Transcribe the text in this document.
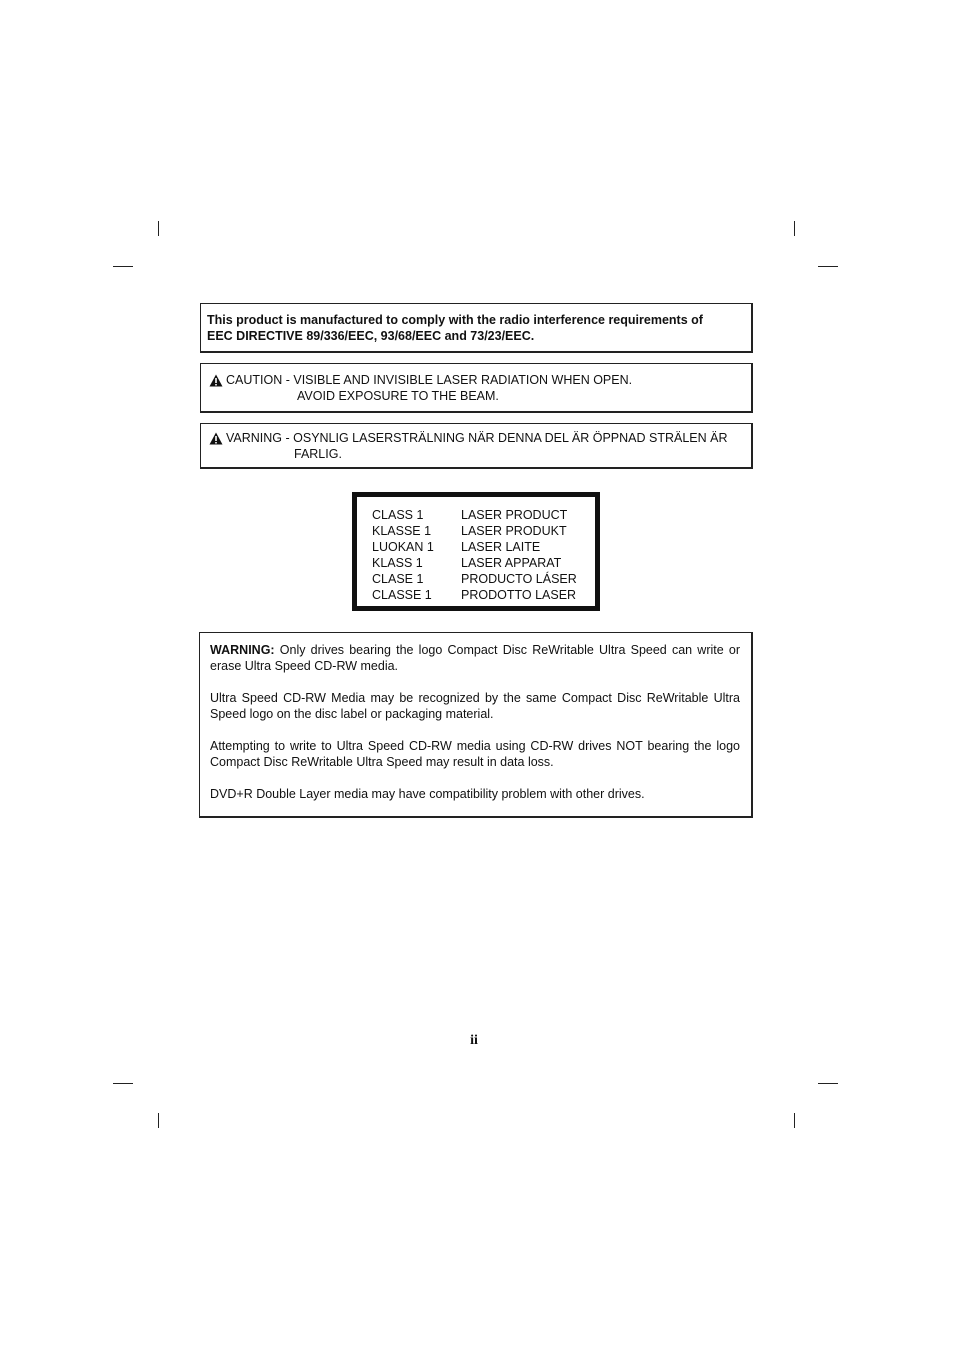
This product is manufactured to comply with the radio interference requirements of

EEC DIRECTIVE 89/336/EEC, 93/68/EEC and 73/23/EEC.

CAUTION - VISIBLE AND INVISIBLE LASER RADIATION WHEN OPEN.
AVOID EXPOSURE TO THE BEAM.
VARNING - OSYNLIG LASERSTRÄLNING NÄR DENNA DEL ÄR ÖPPNAD STRÄLEN ÄR
FARLIG.
CLASS 1	LASER PRODUCT
KLASSE 1	LASER PRODUKT
LUOKAN 1	LASER LAITE
KLASS 1	LASER APPARAT
CLASE 1	PRODUCTO LÁSER
CLASSE 1	PRODOTTO LASER

WARNING: Only drives bearing the logo Compact Disc ReWritable Ultra Speed can write or erase Ultra Speed CD-RW media.

Ultra Speed CD-RW Media may be recognized by the same Compact Disc ReWritable Ultra Speed logo on the disc label or packaging material.

Attempting to write to Ultra Speed CD-RW media using CD-RW drives NOT bearing the logo Compact Disc ReWritable Ultra Speed may result in data loss.

DVD+R Double Layer media may have compatibility problem with other drives.

ii
